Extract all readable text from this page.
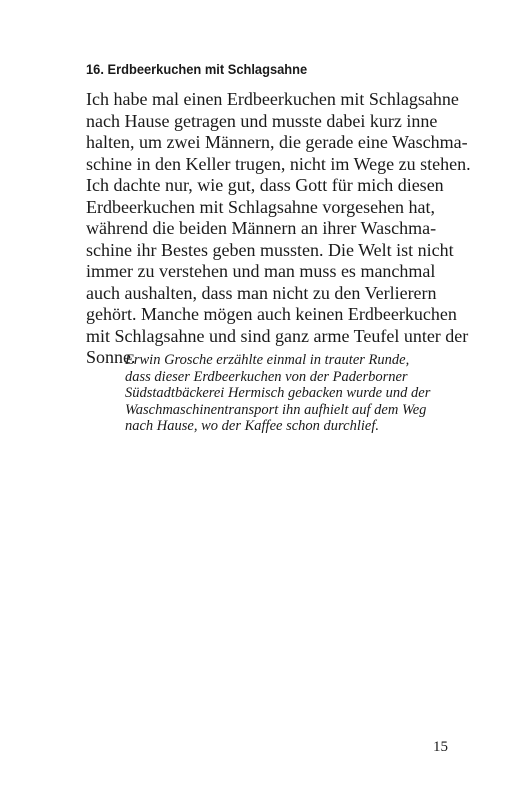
16. Erdbeerkuchen mit Schlagsahne

Ich habe mal einen Erdbeerkuchen mit Schlagsahne
nach Hause getragen und musste dabei kurz inne
halten, um zwei Männern, die gerade eine Waschma-
schine in den Keller trugen, nicht im Wege zu stehen.
Ich dachte nur, wie gut, dass Gott für mich diesen
Erdbeerkuchen mit Schlagsahne vorgesehen hat,
während die beiden Männern an ihrer Waschma-
schine ihr Bestes geben mussten. Die Welt ist nicht
immer zu verstehen und man muss es manchmal
auch aushalten, dass man nicht zu den Verlierern
gehört. Manche mögen auch keinen Erdbeerkuchen
mit Schlagsahne und sind ganz arme Teufel unter der
Sonne.

Erwin Grosche erzählte einmal in trauter Runde,
dass dieser Erdbeerkuchen von der Paderborner
Südstadtbäckerei Hermisch gebacken wurde und der
Waschmaschinentransport ihn aufhielt auf dem Weg
nach Hause, wo der Kaffee schon durchlief.

15
